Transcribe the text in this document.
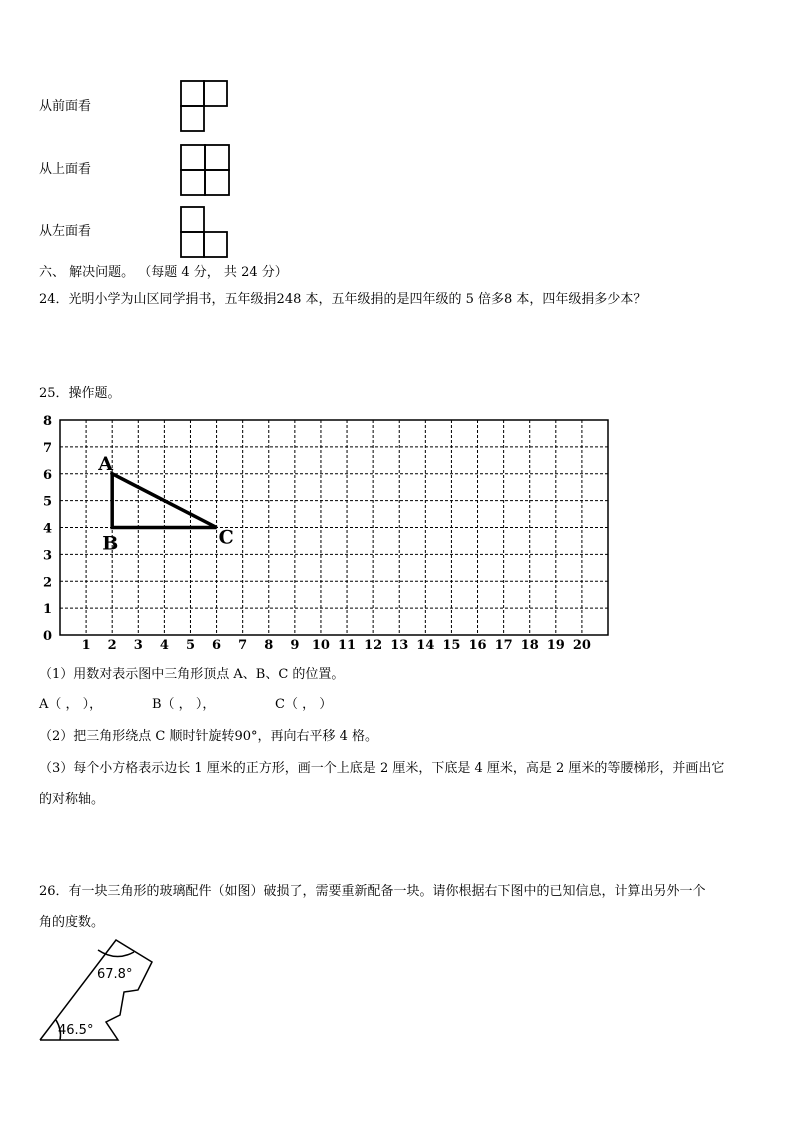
从前面看
从上面看
从左面看
0
1
2
3
4
5
6
7
8
1 2 3 4 5 6 7 8 9 10 11 12 13 14 15 16 17 18 19 20
A
B	C
67.8°
46.5°
六、 解决问题。 （每题 4 分， 共 24 分）
24．光明小学为山区同学捐书，五年级捐248 本，五年级捐的是四年级的 5 倍多8 本，四年级捐多少本？
25．操作题。
（1）用数对表示图中三角形顶点 A、B、C 的位置。
A（ ， ），	B（ ， ），	C（ ， ）
（2）把三角形绕点 C 顺时针旋转90°，再向右平移 4 格。
（3）每个小方格表示边长 1 厘米的正方形，画一个上底是 2 厘米，下底是 4 厘米，高是 2 厘米的等腰梯形，并画出它
的对称轴。
26．有一块三角形的玻璃配件（如图）破损了，需要重新配备一块。请你根据右下图中的已知信息，计算出另外一个
角的度数。
